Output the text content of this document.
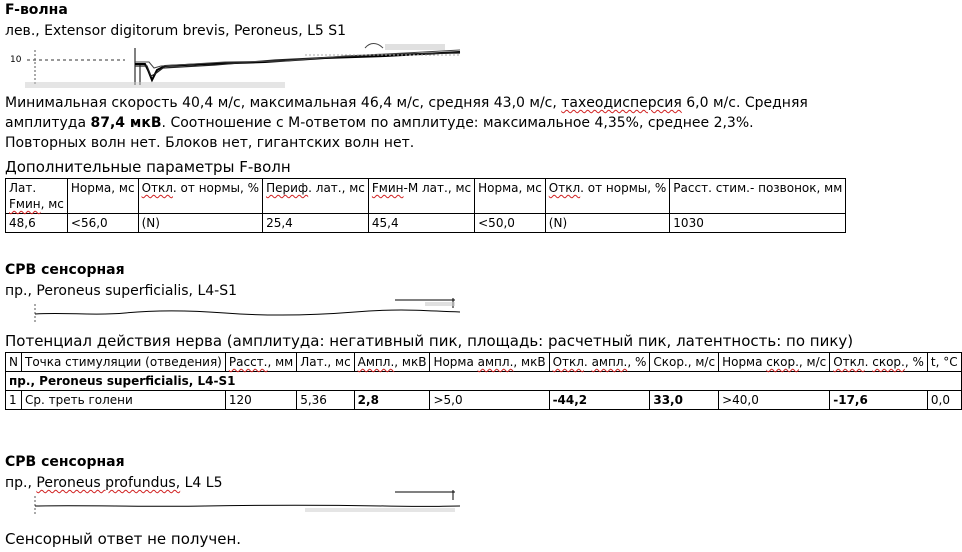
F-волна
лев., Extensor digitorum brevis, Peroneus, L5 S1
10
Минимальная скорость 40,4 м/с, максимальная 46,4 м/с, средняя 43,0 м/с, тахеодисперсия 6,0 м/с. Средняя амплитуда 87,4 мкВ. Соотношение с М-ответом по амплитуде: максимальное 4,35%, среднее 2,3%. Повторных волн нет. Блоков нет, гигантских волн нет.
Дополнительные параметры F-волн
Лат.
Fмин, мс	Норма, мс	Откл. от нормы, %	Периф. лат., мс	Fмин-М лат., мс	Норма, мс	Откл. от нормы, %	Расст. стим.- позвонок, мм
48,6	<56,0	(N)	25,4	45,4	<50,0	(N)	1030
СРВ сенсорная
пр., Peroneus superficialis, L4-S1
Потенциал действия нерва (амплитуда: негативный пик, площадь: расчетный пик, латентность: по пику)
N	Точка стимуляции (отведения)	Расст., мм	Лат., мс	Ампл., мкВ	Норма ампл., мкВ	Откл. ампл., %	Скор., м/с	Норма скор., м/с	Откл. скор., %	t, °C
пр., Peroneus superficialis, L4-S1										
1	Ср. треть голени	120	5,36	2,8	>5,0	-44,2	33,0	>40,0	-17,6	0,0
СРВ сенсорная
пр., Peroneus profundus, L4 L5
Сенсорный ответ не получен.
